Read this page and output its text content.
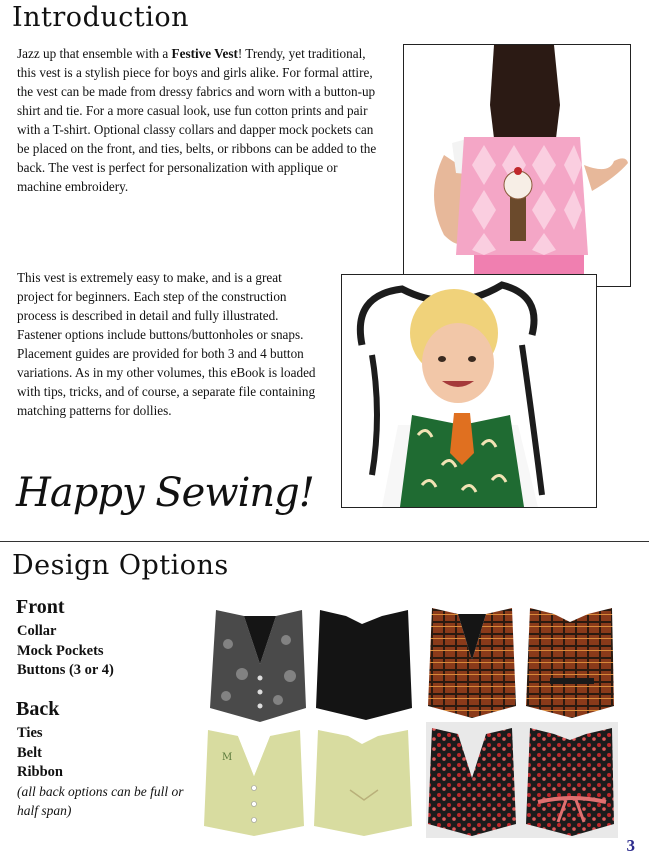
Introduction
Jazz up that ensemble with a Festive Vest! Trendy, yet traditional, this vest is a stylish piece for boys and girls alike. For formal attire, the vest can be made from dressy fabrics and worn with a button-up shirt and tie. For a more casual look, use fun cotton prints and pair with a T-shirt. Optional classy collars and dapper mock pockets can be placed on the front, and ties, belts, or ribbons can be added to the back. The vest is perfect for personalization with applique or machine embroidery.
This vest is extremely easy to make, and is a great project for beginners. Each step of the construction process is described in detail and fully illustrated. Fastener options include buttons/buttonholes or snaps. Placement guides are provided for both 3 and 4 button variations. As in my other volumes, this eBook is loaded with tips, tricks, and of course, a separate file containing matching patterns for dollies.
Happy Sewing!
Design Options
Front
Collar
Mock Pockets
Buttons (3 or 4)
Back
Ties
Belt
Ribbon
(all back options can be full or half span)
M
3
